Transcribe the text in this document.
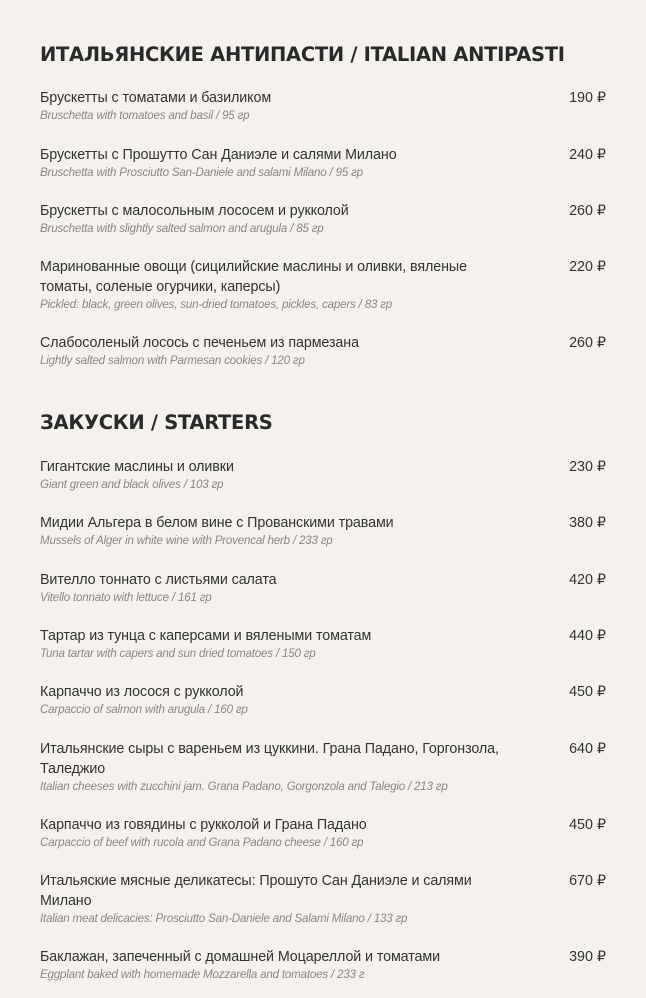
ИТАЛЬЯНСКИЕ АНТИПАСТИ / ITALIAN ANTIPASTI
Брускетты с томатами и базиликом
Bruschetta with tomatoes and basil / 95 гр
190 ₽
Брускетты с Прошутто Сан Даниэле и салями Милано
Bruschetta with Prosciutto San-Daniele and salami Milano / 95 гр
240 ₽
Брускетты с малосольным лососем и рукколой
Bruschetta with slightly salted salmon and arugula / 85 гр
260 ₽
Маринованные овощи (сицилийские маслины и оливки, вяленые томаты, соленые огурчики, каперсы)
Pickled: black, green olives, sun-dried tomatoes, pickles, capers / 83 гр
220 ₽
Слабосоленый лосось с печеньем из пармезана
Lightly salted salmon with Parmesan cookies / 120 гр
260 ₽
ЗАКУСКИ / STARTERS
Гигантские маслины и оливки
Giant green and black olives / 103 гр
230 ₽
Мидии Альгера в белом вине с Прованскими травами
Mussels of Alger in white wine with Provencal herb / 233 гр
380 ₽
Вителло тоннато с листьями салата
Vitello tonnato with lettuce / 161 гр
420 ₽
Тартар из тунца с каперсами и вялеными томатам
Tuna tartar with capers and sun dried tomatoes / 150 гр
440 ₽
Карпаччо из лосося с рукколой
Carpaccio of salmon with arugula / 160 гр
450 ₽
Итальянские сыры с вареньем из цуккини. Грана Падано, Горгонзола, Таледжио
Italian cheeses with zucchini jam. Grana Padano, Gorgonzola and Talegio / 213 гр
640 ₽
Карпаччо из говядины с рукколой и Грана Падано
Carpaccio of beef with rucola and Grana Padano cheese / 160 гр
450 ₽
Итальяские мясные деликатесы: Прошуто Сан Даниэле и салями Милано
Italian meat delicacies: Prosciutto San-Daniele and Salami Milano / 133 гр
670 ₽
Баклажан, запеченный с домашней Моцареллой и томатами
Eggplant baked with homemade Mozzarella and tomatoes / 233 г
390 ₽
